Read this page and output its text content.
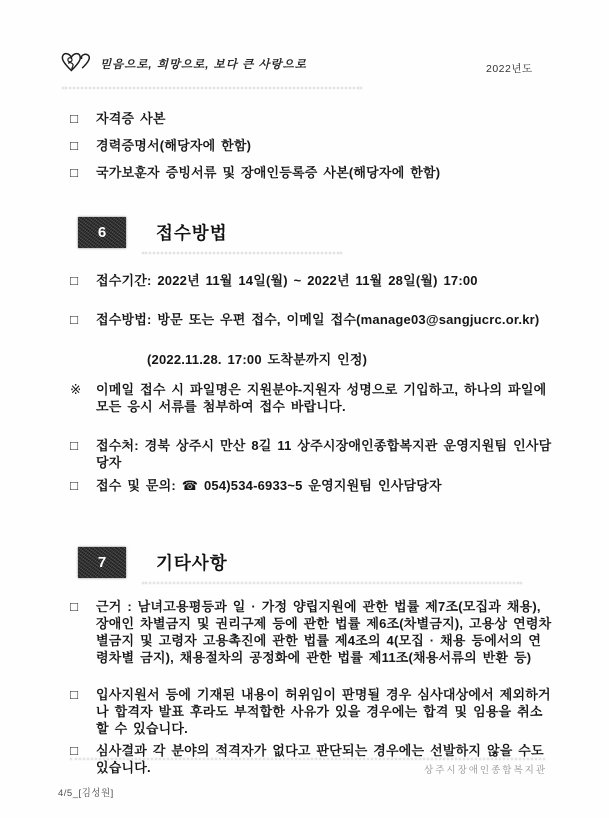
믿음으로, 희망으로, 보다 큰 사랑으로	2022년도
□	자격증 사본
□	경력증명서(해당자에 한함)
□	국가보훈자 증빙서류 및 장애인등록증 사본(해당자에 한함)
6	접수방법
□	접수기간: 2022년 11월 14일(월) ~ 2022년 11월 28일(월) 17:00
□	접수방법: 방문 또는 우편 접수, 이메일 접수(manage03@sangjucrc.or.kr)
(2022.11.28. 17:00 도착분까지 인정)
※ 이메일 접수 시 파일명은 지원분야-지원자 성명으로 기입하고, 하나의 파일에 모든 응시 서류를 첨부하여 접수 바랍니다.
□	접수처: 경북 상주시 만산 8길 11 상주시장애인종합복지관 운영지원팀 인사담당자
□	접수 및 문의: ☎ 054)534-6933~5 운영지원팀 인사담당자
7	기타사항
□	근거 : 남녀고용평등과 일 · 가정 양립지원에 관한 법률 제7조(모집과 채용), 장애인 차별금지 및 권리구제 등에 관한 법률 제6조(차별금지), 고용상 연령차별금지 및 고령자 고용촉진에 관한 법률 제4조의 4(모집 · 채용 등에서의 연령차별 금지), 채용절차의 공정화에 관한 법률 제11조(채용서류의 반환 등)
□	입사지원서 등에 기재된 내용이 허위임이 판명될 경우 심사대상에서 제외하거나 합격자 발표 후라도 부적합한 사유가 있을 경우에는 합격 및 임용을 취소할 수 있습니다.
□	심사결과 각 분야의 적격자가 없다고 판단되는 경우에는 선발하지 않을 수도 있습니다.	상주시장애인종합복지관
4/5_[김성원]
